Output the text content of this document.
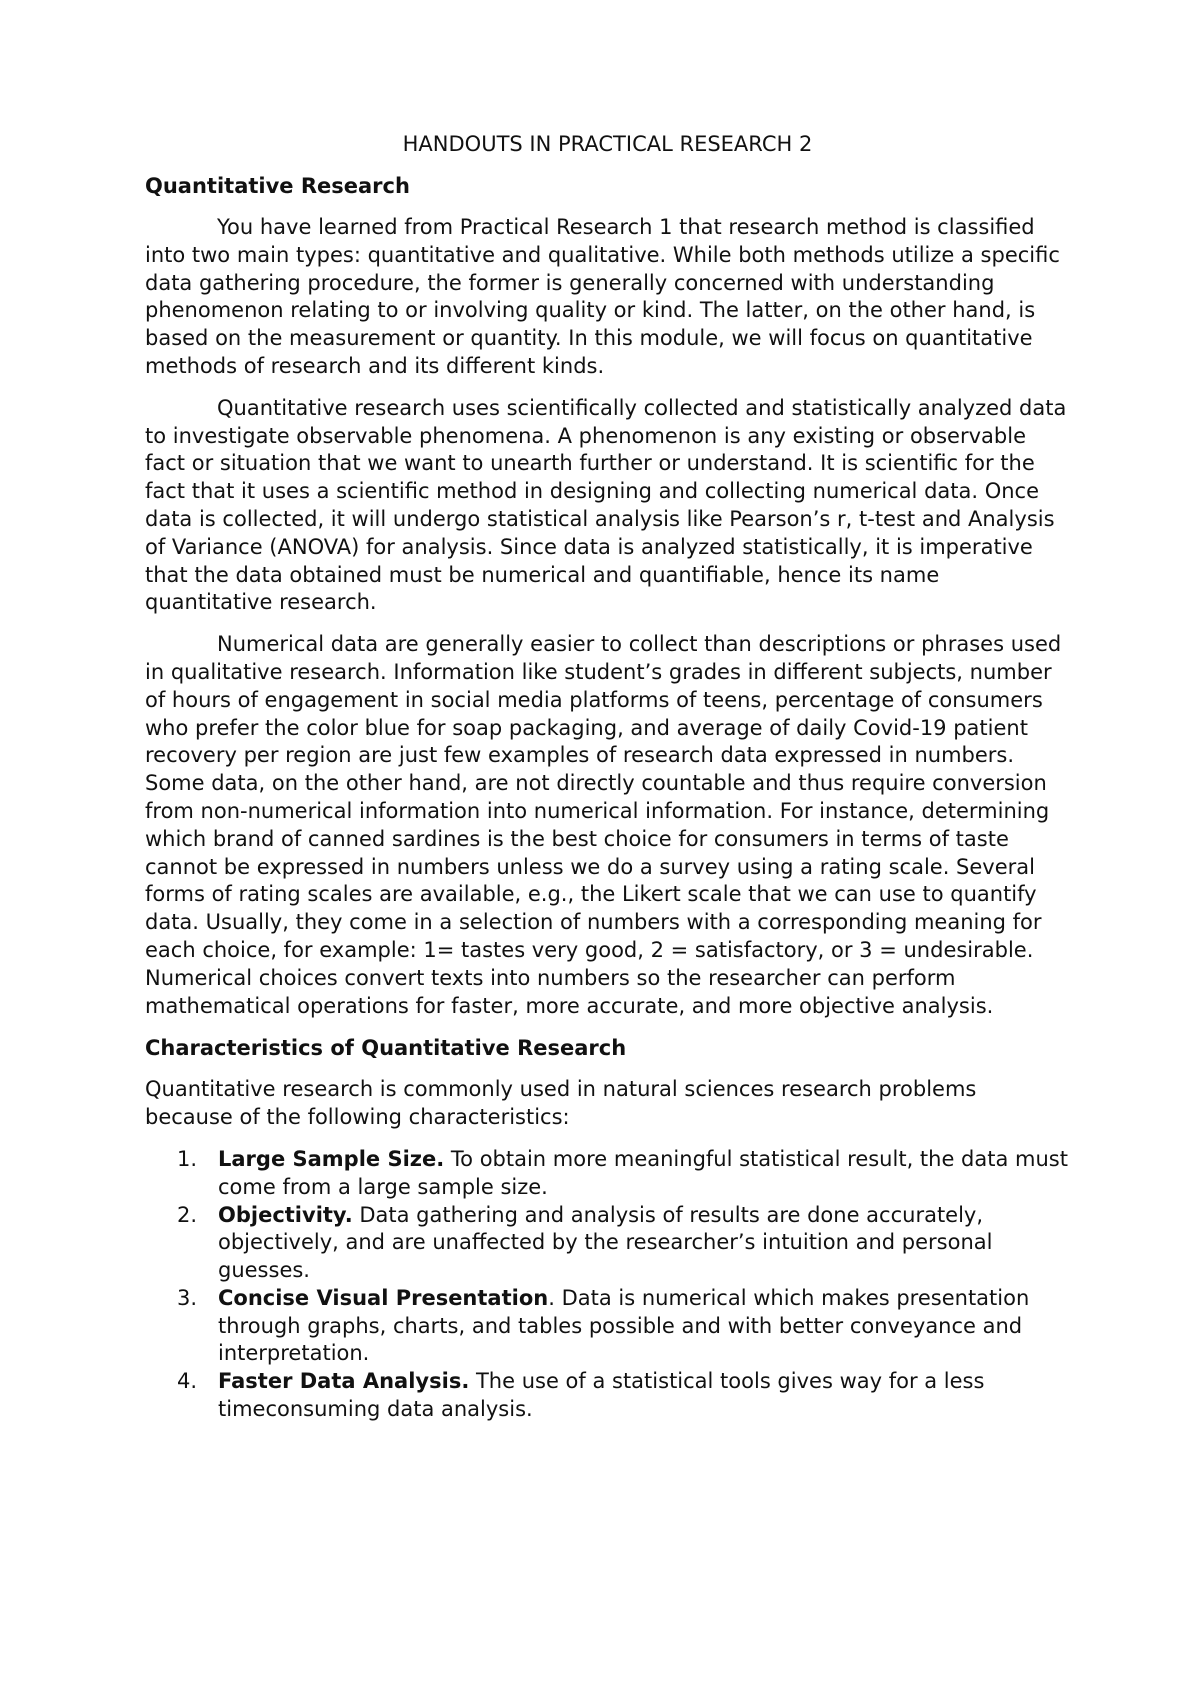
HANDOUTS IN PRACTICAL RESEARCH 2
Quantitative Research

You have learned from Practical Research 1 that research method is classified into two main types: quantitative and qualitative. While both methods utilize a specific data gathering procedure, the former is generally concerned with understanding phenomenon relating to or involving quality or kind. The latter, on the other hand, is based on the measurement or quantity. In this module, we will focus on quantitative methods of research and its different kinds.

Quantitative research uses scientifically collected and statistically analyzed data to investigate observable phenomena. A phenomenon is any existing or observable fact or situation that we want to unearth further or understand. It is scientific for the fact that it uses a scientific method in designing and collecting numerical data. Once data is collected, it will undergo statistical analysis like Pearson’s r, t-test and Analysis of Variance (ANOVA) for analysis. Since data is analyzed statistically, it is imperative that the data obtained must be numerical and quantifiable, hence its name quantitative research.

Numerical data are generally easier to collect than descriptions or phrases used in qualitative research. Information like student’s grades in different subjects, number of hours of engagement in social media platforms of teens, percentage of consumers who prefer the color blue for soap packaging, and average of daily Covid-19 patient recovery per region are just few examples of research data expressed in numbers. Some data, on the other hand, are not directly countable and thus require conversion from non-numerical information into numerical information. For instance, determining which brand of canned sardines is the best choice for consumers in terms of taste cannot be expressed in numbers unless we do a survey using a rating scale. Several forms of rating scales are available, e.g., the Likert scale that we can use to quantify data. Usually, they come in a selection of numbers with a corresponding meaning for each choice, for example: 1= tastes very good, 2 = satisfactory, or 3 = undesirable. Numerical choices convert texts into numbers so the researcher can perform mathematical operations for faster, more accurate, and more objective analysis.

Characteristics of Quantitative Research

Quantitative research is commonly used in natural sciences research problems because of the following characteristics:

1. Large Sample Size. To obtain more meaningful statistical result, the data must come from a large sample size.
2. Objectivity. Data gathering and analysis of results are done accurately, objectively, and are unaffected by the researcher’s intuition and personal guesses.
3. Concise Visual Presentation. Data is numerical which makes presentation through graphs, charts, and tables possible and with better conveyance and interpretation.
4. Faster Data Analysis. The use of a statistical tools gives way for a less timeconsuming data analysis.
